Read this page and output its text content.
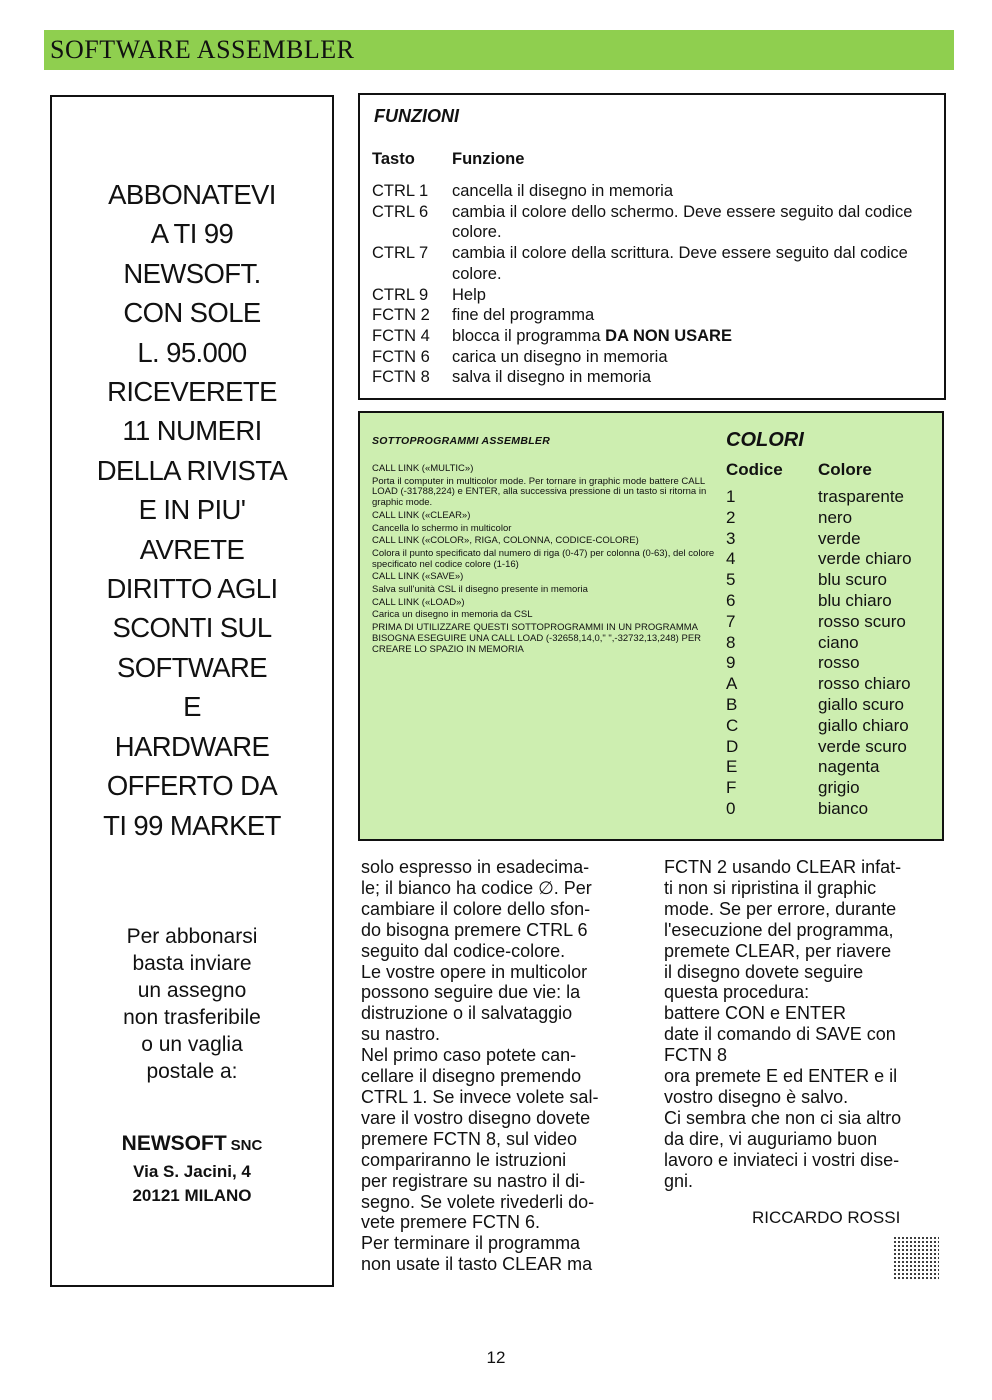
SOFTWARE ASSEMBLER
ABBONATEVI
A TI 99
NEWSOFT.
CON SOLE
L. 95.000
RICEVERETE
11 NUMERI
DELLA RIVISTA
E IN PIU'
AVRETE
DIRITTO AGLI
SCONTI SUL
SOFTWARE
E
HARDWARE
OFFERTO DA
TI 99 MARKET
Per abbonarsi
basta inviare
un assegno
non trasferibile
o un vaglia
postale a:
NEWSOFT SNC
Via S. Jacini, 4
20121 MILANO
FUNZIONI
Tasto Funzione
CTRL 1	cancella il disegno in memoria
CTRL 6	cambia il colore dello schermo. Deve essere seguito dal codice colore.
CTRL 7	cambia il colore della scrittura. Deve essere seguito dal codice colore.
CTRL 9	Help
FCTN 2	fine del programma
FCTN 4	blocca il programma DA NON USARE
FCTN 6	carica un disegno in memoria
FCTN 8	salva il disegno in memoria
SOTTOPROGRAMMI ASSEMBLER
CALL LINK («MULTIC»)
Porta il computer in multicolor mode. Per tornare in graphic mode battere CALL LOAD (-31788,224) e ENTER, alla successiva pressione di un tasto si ritorna in graphic mode.
CALL LINK («CLEAR»)
Cancella lo schermo in multicolor
CALL LINK («COLOR», RIGA, COLONNA, CODICE-COLORE)
Colora il punto specificato dal numero di riga (0-47) per colonna (0-63), del colore specificato nel codice colore (1-16)
CALL LINK («SAVE»)
Salva sull'unità CSL il disegno presente in memoria
CALL LINK («LOAD»)
Carica un disegno in memoria da CSL
PRIMA DI UTILIZZARE QUESTI SOTTOPROGRAMMI IN UN PROGRAMMA BISOGNA ESEGUIRE UNA CALL LOAD (-32658,14,0," ",-32732,13,248) PER CREARE LO SPAZIO IN MEMORIA
COLORI
Codice Colore
1	trasparente
2	nero
3	verde
4	verde chiaro
5	blu scuro
6	blu chiaro
7	rosso scuro
8	ciano
9	rosso
A	rosso chiaro
B	giallo scuro
C	giallo chiaro
D	verde scuro
E	nagenta
F	grigio
0	bianco
solo espresso in esadecima-
le; il bianco ha codice ∅. Per
cambiare il colore dello sfon-
do bisogna premere CTRL 6
seguito dal codice-colore.
Le vostre opere in multicolor
possono seguire due vie: la
distruzione o il salvataggio
su nastro.
Nel primo caso potete can-
cellare il disegno premendo
CTRL 1. Se invece volete sal-
vare il vostro disegno dovete
premere FCTN 8, sul video
compariranno le istruzioni
per registrare su nastro il di-
segno. Se volete rivederli do-
vete premere FCTN 6.
Per terminare il programma
non usate il tasto CLEAR ma
FCTN 2 usando CLEAR infat-
ti non si ripristina il graphic
mode. Se per errore, durante
l'esecuzione del programma,
premete CLEAR, per riavere
il disegno dovete seguire
questa procedura:
battere CON e ENTER
date il comando di SAVE con
FCTN 8
ora premete E ed ENTER e il
vostro disegno è salvo.
Ci sembra che non ci sia altro
da dire, vi auguriamo buon
lavoro e inviateci i vostri dise-
gni.
RICCARDO ROSSI
12
